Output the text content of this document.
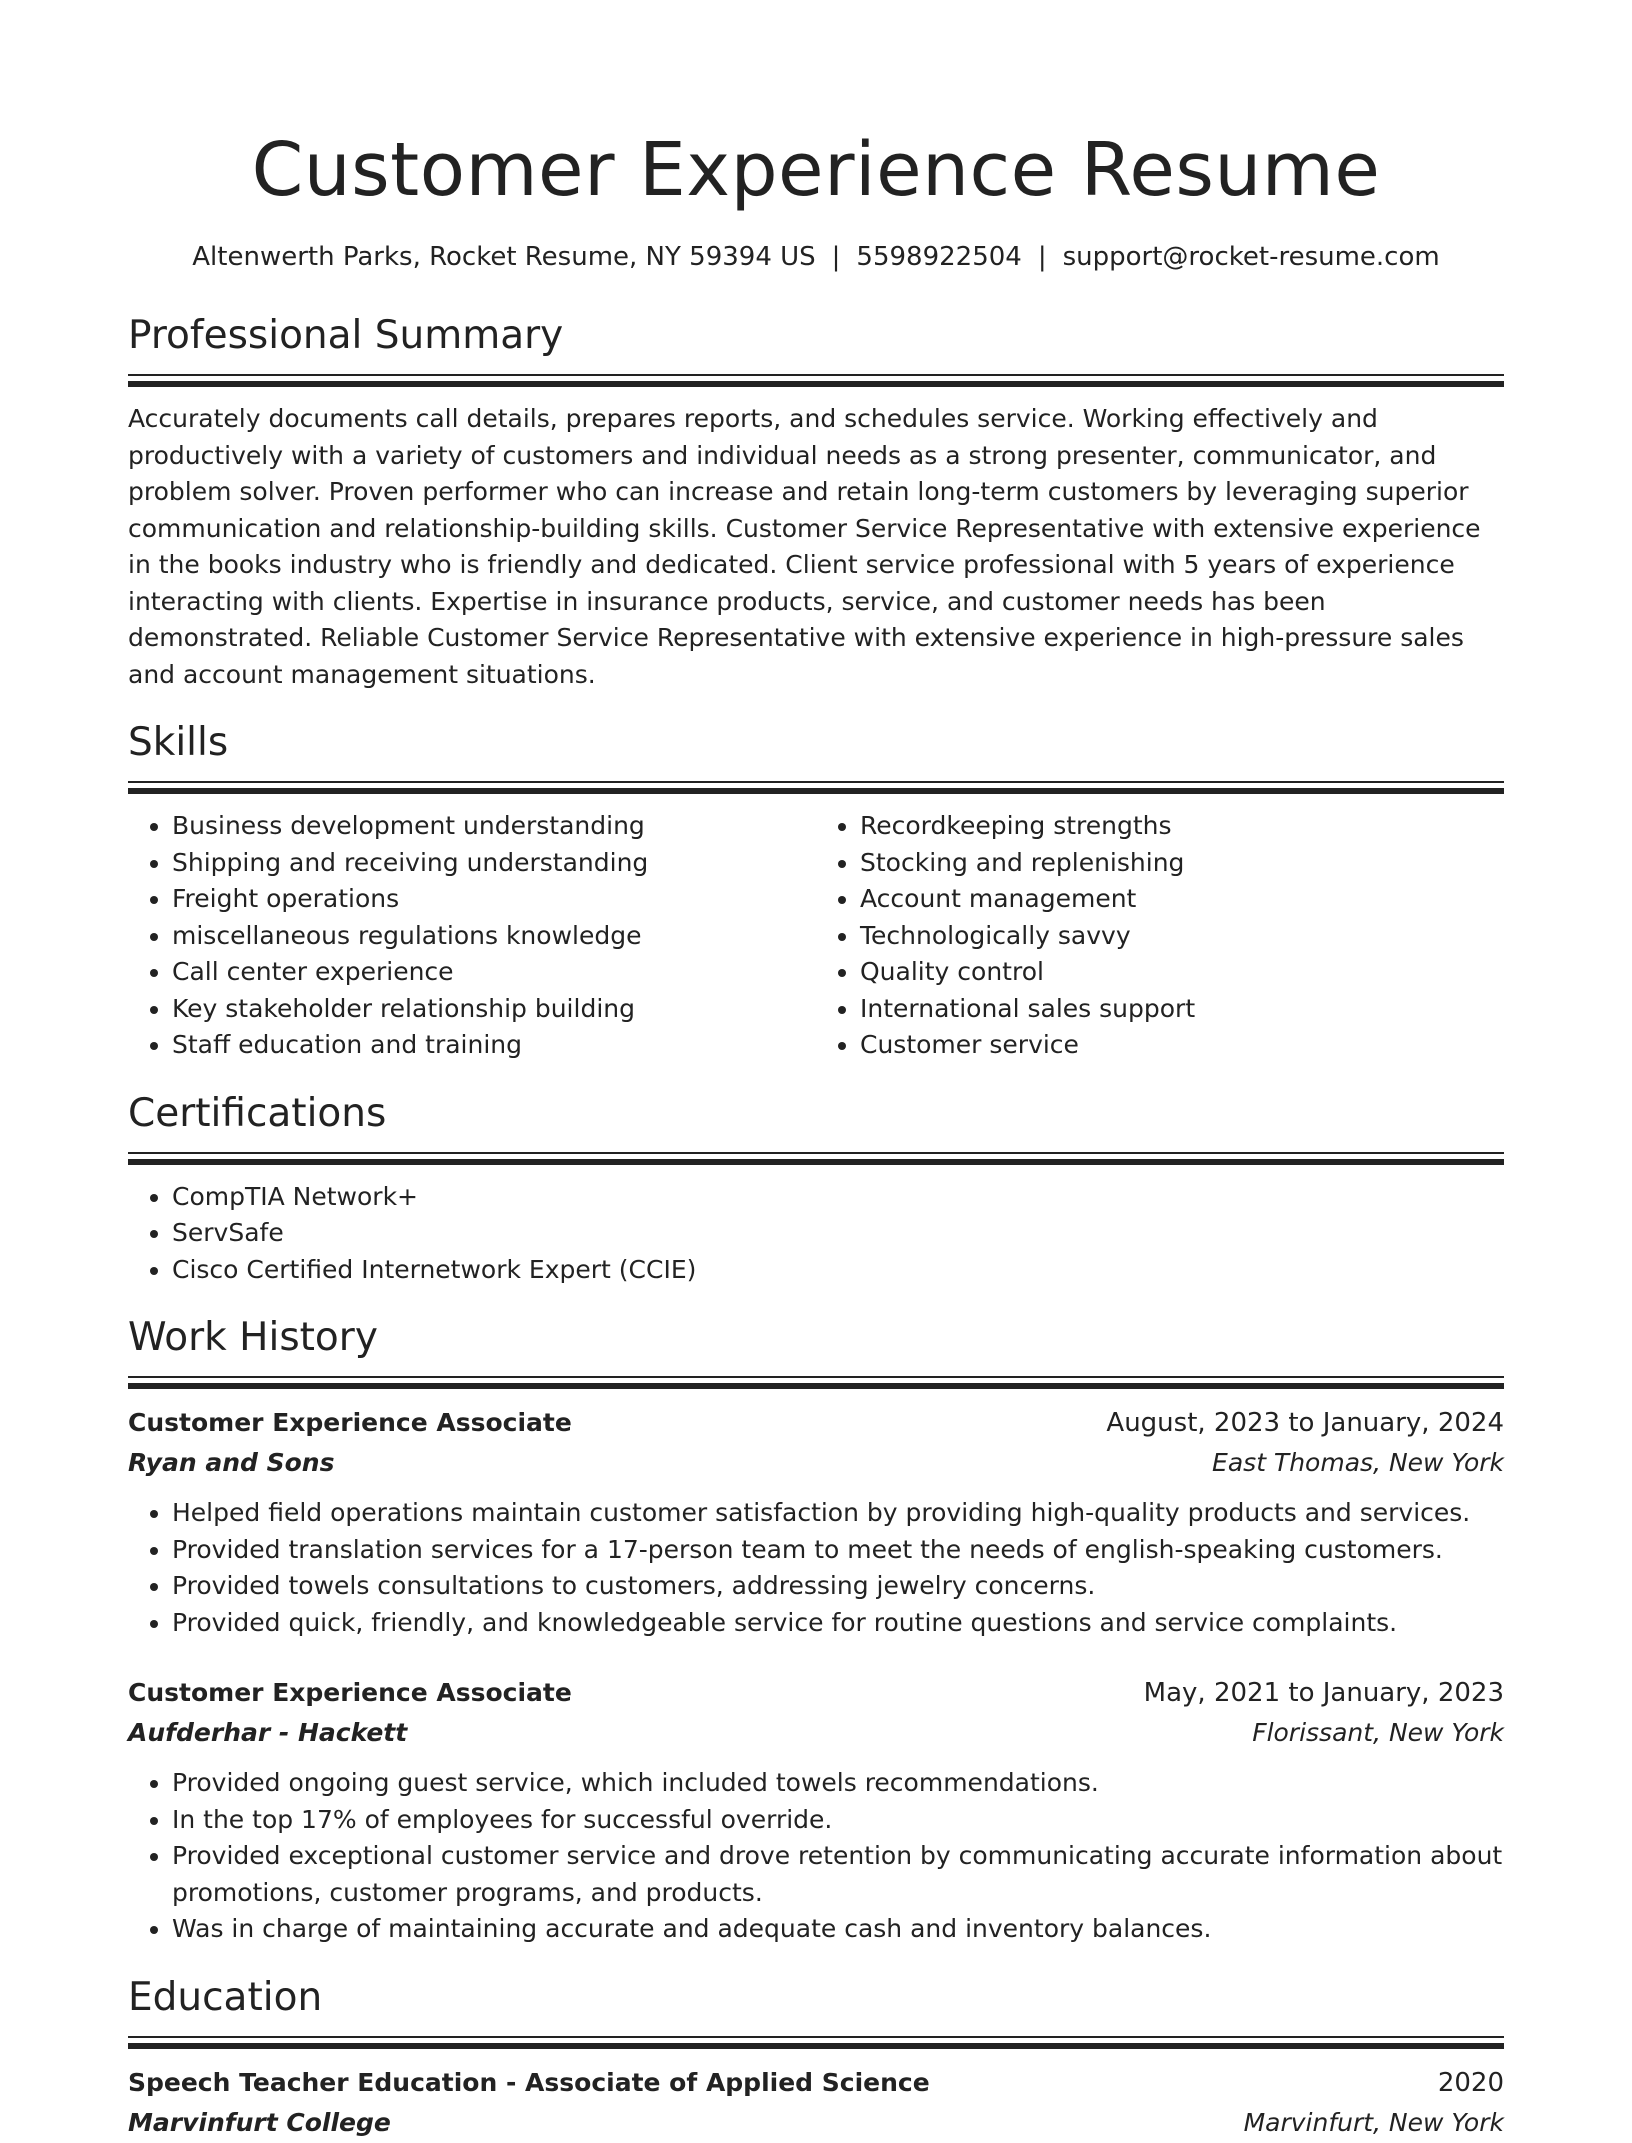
Customer Experience Resume
Altenwerth Parks, Rocket Resume, NY 59394 US | 5598922504 | support@rocket-resume.com
Professional Summary

Accurately documents call details, prepares reports, and schedules service. Working effectively and productively with a variety of customers and individual needs as a strong presenter, communicator, and problem solver. Proven performer who can increase and retain long-term customers by leveraging superior communication and relationship-building skills. Customer Service Representative with extensive experience in the books industry who is friendly and dedicated. Client service professional with 5 years of experience interacting with clients. Expertise in insurance products, service, and customer needs has been demonstrated. Reliable Customer Service Representative with extensive experience in high-pressure sales and account management situations.

Skills
• Business development understanding
• Shipping and receiving understanding
• Freight operations
• miscellaneous regulations knowledge
• Call center experience
• Key stakeholder relationship building
• Staff education and training
• Recordkeeping strengths
• Stocking and replenishing
• Account management
• Technologically savvy
• Quality control
• International sales support
• Customer service
Certifications
• CompTIA Network+
• ServSafe
• Cisco Certified Internetwork Expert (CCIE)
Work History
Customer Experience Associate	August, 2023 to January, 2024
Ryan and Sons	East Thomas, New York
• Helped field operations maintain customer satisfaction by providing high-quality products and services.
• Provided translation services for a 17-person team to meet the needs of english-speaking customers.
• Provided towels consultations to customers, addressing jewelry concerns.
• Provided quick, friendly, and knowledgeable service for routine questions and service complaints.
Customer Experience Associate	May, 2021 to January, 2023
Aufderhar - Hackett	Florissant, New York
• Provided ongoing guest service, which included towels recommendations.
• In the top 17% of employees for successful override.
• Provided exceptional customer service and drove retention by communicating accurate information about promotions, customer programs, and products.
• Was in charge of maintaining accurate and adequate cash and inventory balances.
Education
Speech Teacher Education - Associate of Applied Science	2020
Marvinfurt College	Marvinfurt, New York
